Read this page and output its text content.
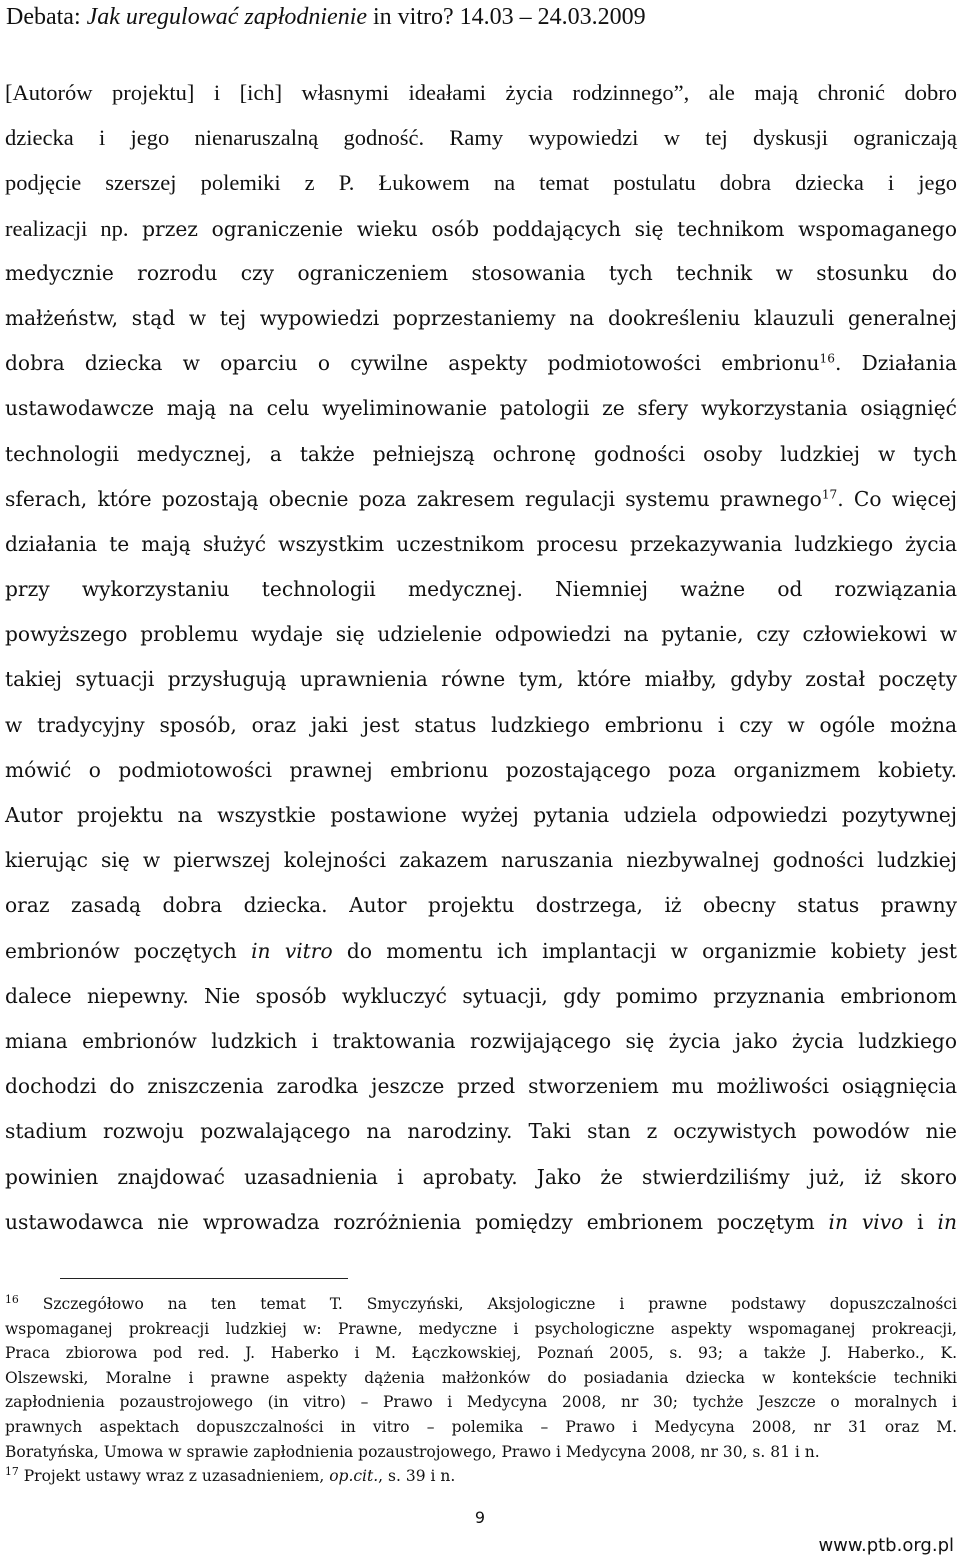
Debata: Jak uregulować zapłodnienie in vitro? 14.03 – 24.03.2009
[Autorów projektu] i [ich] własnymi ideałami życia rodzinnego”, ale mają chronić dobro
dziecka i jego nienaruszalną godność. Ramy wypowiedzi w tej dyskusji ograniczają
podjęcie szerszej polemiki z P. Łukowem na temat postulatu dobra dziecka i jego
realizacji np. przez ograniczenie wieku osób poddających się technikom wspomaganego
medycznie rozrodu czy ograniczeniem stosowania tych technik w stosunku do
małżeństw, stąd w tej wypowiedzi poprzestaniemy na dookreśleniu klauzuli generalnej
dobra dziecka w oparciu o cywilne aspekty podmiotowości embrionu$^{16}$. Działania
ustawodawcze mają na celu wyeliminowanie patologii ze sfery wykorzystania osiągnięć
technologii medycznej, a także pełniejszą ochronę godności osoby ludzkiej w tych
sferach, które pozostają obecnie poza zakresem regulacji systemu prawnego$^{17}$. Co więcej
działania te mają służyć wszystkim uczestnikom procesu przekazywania ludzkiego życia
przy wykorzystaniu technologii medycznej. Niemniej ważne od rozwiązania
powyższego problemu wydaje się udzielenie odpowiedzi na pytanie, czy człowiekowi w
takiej sytuacji przysługują uprawnienia równe tym, które miałby, gdyby został poczęty
w tradycyjny sposób, oraz jaki jest status ludzkiego embrionu i czy w ogóle można
mówić o podmiotowości prawnej embrionu pozostającego poza organizmem kobiety.
Autor projektu na wszystkie postawione wyżej pytania udziela odpowiedzi pozytywnej
kierując się w pierwszej kolejności zakazem naruszania niezbywalnej godności ludzkiej
oraz zasadą dobra dziecka. Autor projektu dostrzega, iż obecny status prawny
embrionów poczętych in vitro do momentu ich implantacji w organizmie kobiety jest
dalece niepewny. Nie sposób wykluczyć sytuacji, gdy pomimo przyznania embrionom
miana embrionów ludzkich i traktowania rozwijającego się życia jako życia ludzkiego
dochodzi do zniszczenia zarodka jeszcze przed stworzeniem mu możliwości osiągnięcia
stadium rozwoju pozwalającego na narodziny. Taki stan z oczywistych powodów nie
powinien znajdować uzasadnienia i aprobaty. Jako że stwierdziliśmy już, iż skoro
ustawodawca nie wprowadza rozróżnienia pomiędzy embrionem poczętym in vivo i in
$^{16}$ Szczegółowo na ten temat T. Smyczyński, Aksjologiczne i prawne podstawy dopuszczalności
wspomaganej prokreacji ludzkiej w: Prawne, medyczne i psychologiczne aspekty wspomaganej prokreacji,
Praca zbiorowa pod red. J. Haberko i M. Łączkowskiej, Poznań 2005, s. 93; a także J. Haberko., K.
Olszewski, Moralne i prawne aspekty dążenia małżonków do posiadania dziecka w kontekście techniki
zapłodnienia pozaustrojowego (in vitro) – Prawo i Medycyna 2008, nr 30; tychże Jeszcze o moralnych i
prawnych aspektach dopuszczalności in vitro – polemika – Prawo i Medycyna 2008, nr 31 oraz M.
Boratyńska, Umowa w sprawie zapłodnienia pozaustrojowego, Prawo i Medycyna 2008, nr 30, s. 81 i n.
$^{17}$ Projekt ustawy wraz z uzasadnieniem, op.cit., s. 39 i n.
9
www.ptb.org.pl
